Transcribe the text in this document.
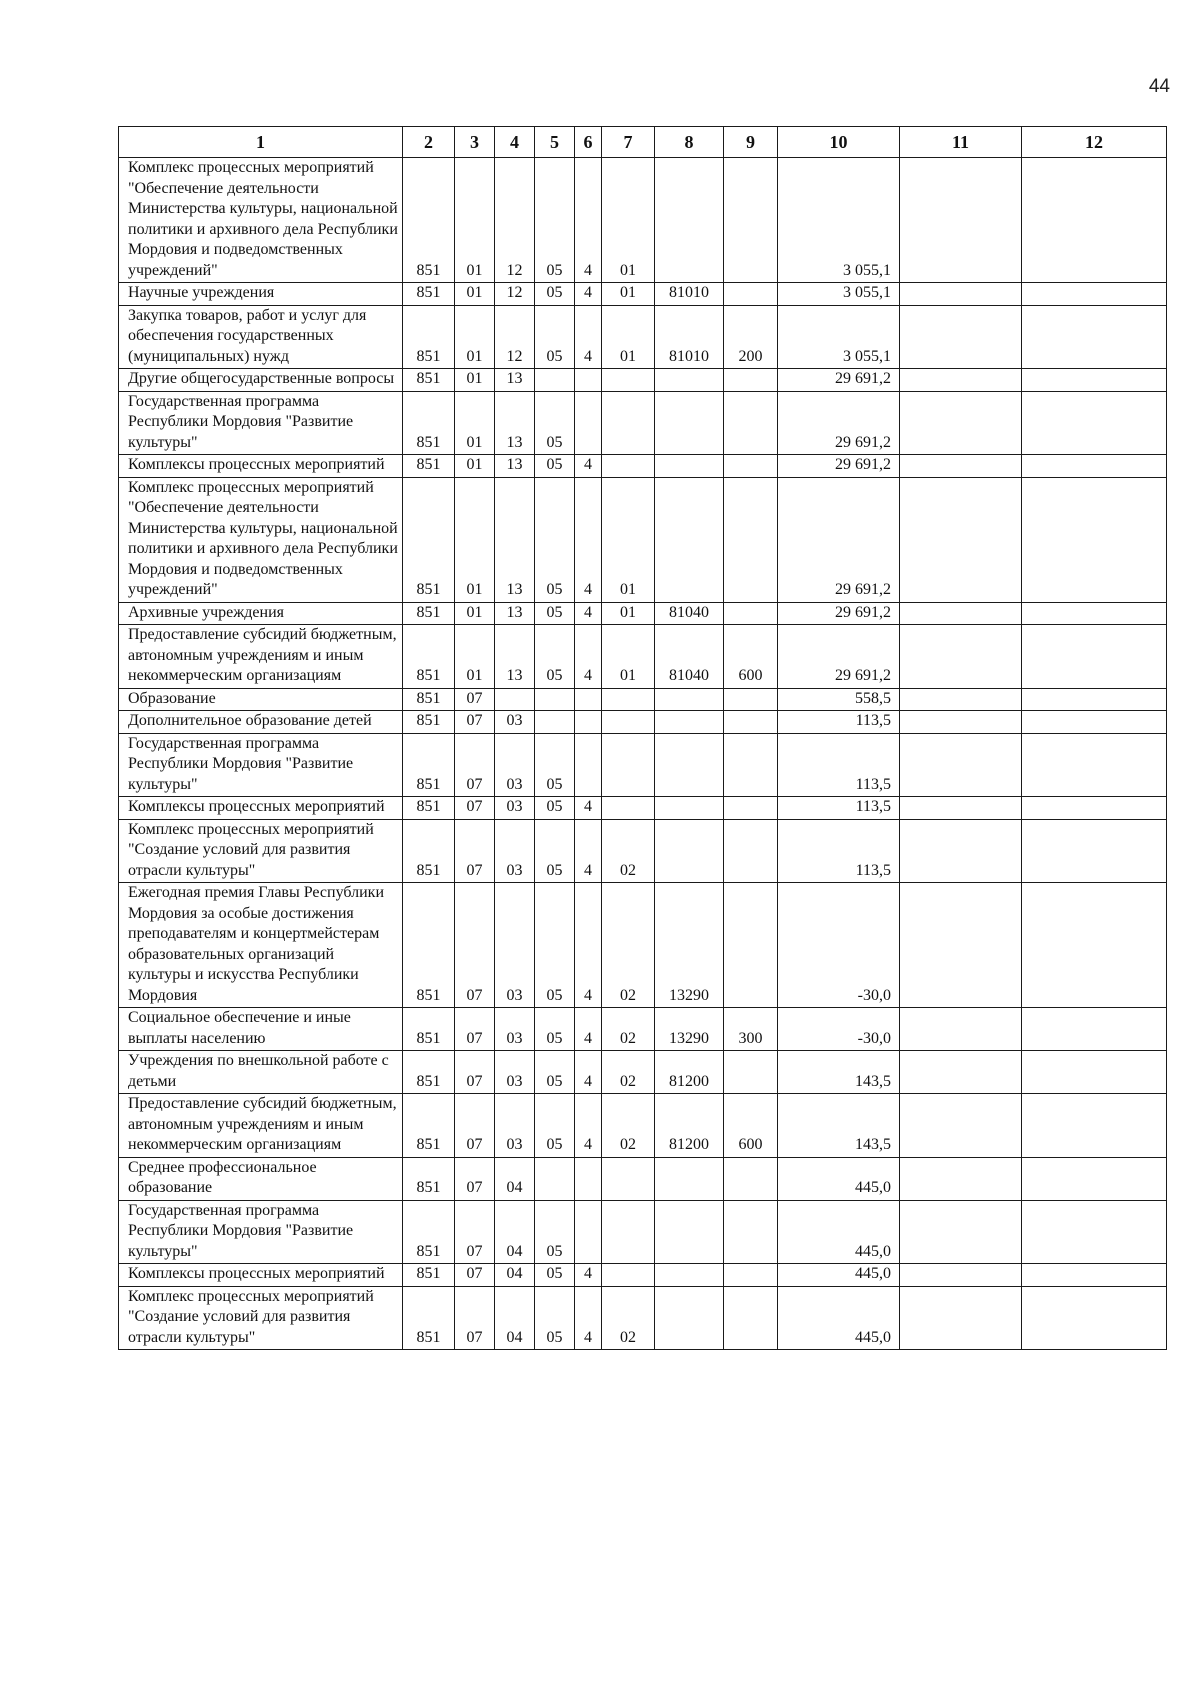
44
1	2	3	4	5	6	7	8	9	10	11	12
Комплекс процессных мероприятий "Обеспечение деятельности Министерства культуры, национальной политики и архивного дела Республики Мордовия и подведомственных учреждений"	851	01	12	05	4	01			3 055,1		
Научные учреждения	851	01	12	05	4	01	81010		3 055,1		
Закупка товаров, работ и услуг для обеспечения государственных (муниципальных) нужд	851	01	12	05	4	01	81010	200	3 055,1		
Другие общегосударственные вопросы	851	01	13						29 691,2		
Государственная программа Республики Мордовия "Развитие культуры"	851	01	13	05					29 691,2		
Комплексы процессных мероприятий	851	01	13	05	4				29 691,2		
Комплекс процессных мероприятий "Обеспечение деятельности Министерства культуры, национальной политики и архивного дела Республики Мордовия и подведомственных учреждений"	851	01	13	05	4	01			29 691,2		
Архивные учреждения	851	01	13	05	4	01	81040		29 691,2		
Предоставление субсидий бюджетным, автономным учреждениям и иным некоммерческим организациям	851	01	13	05	4	01	81040	600	29 691,2		
Образование	851	07							558,5		
Дополнительное образование детей	851	07	03						113,5		
Государственная программа Республики Мордовия "Развитие культуры"	851	07	03	05					113,5		
Комплексы процессных мероприятий	851	07	03	05	4				113,5		
Комплекс процессных мероприятий "Создание условий для развития отрасли культуры"	851	07	03	05	4	02			113,5		
Ежегодная премия Главы Республики Мордовия за особые достижения преподавателям и концертмейстерам образовательных организаций культуры и искусства Республики Мордовия	851	07	03	05	4	02	13290		-30,0		
Социальное обеспечение и иные выплаты населению	851	07	03	05	4	02	13290	300	-30,0		
Учреждения по внешкольной работе с детьми	851	07	03	05	4	02	81200		143,5		
Предоставление субсидий бюджетным, автономным учреждениям и иным некоммерческим организациям	851	07	03	05	4	02	81200	600	143,5		
Среднее профессиональное образование	851	07	04						445,0		
Государственная программа Республики Мордовия "Развитие культуры"	851	07	04	05					445,0		
Комплексы процессных мероприятий	851	07	04	05	4				445,0		
Комплекс процессных мероприятий "Создание условий для развития отрасли культуры"	851	07	04	05	4	02			445,0		
